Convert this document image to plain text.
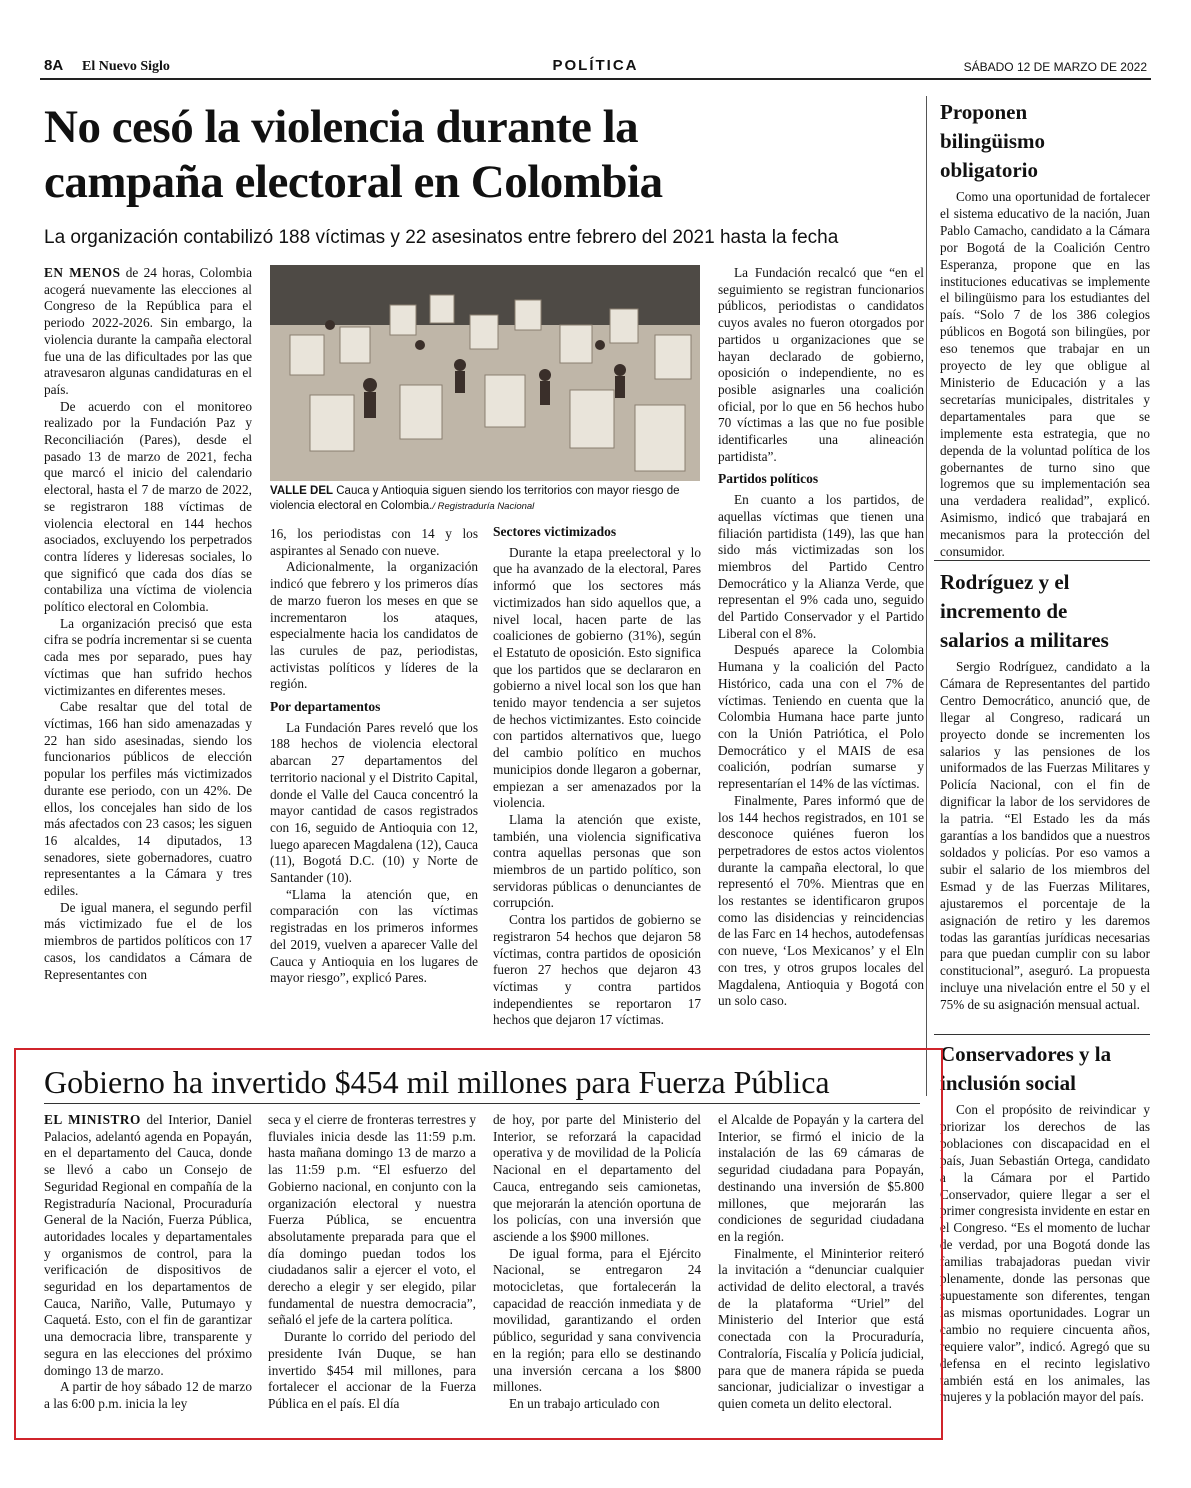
8A El Nuevo Siglo	POLÍTICA	SÁBADO 12 DE MARZO DE 2022
No cesó la violencia durante la
campaña electoral en Colombia
La organización contabilizó 188 víctimas y 22 asesinatos entre febrero del 2021 hasta la fecha

EN MENOS de 24 horas, Colombia acogerá nuevamente las elecciones al Congreso de la República para el periodo 2022-2026. Sin embargo, la violencia durante la campaña electoral fue una de las dificultades por las que atravesaron algunas candidaturas en el país.

De acuerdo con el monitoreo realizado por la Fundación Paz y Reconciliación (Pares), desde el pasado 13 de marzo de 2021, fecha que marcó el inicio del calendario electoral, hasta el 7 de marzo de 2022, se registraron 188 víctimas de violencia electoral en 144 hechos asociados, excluyendo los perpetrados contra líderes y lideresas sociales, lo que significó que cada dos días se contabiliza una víctima de violencia político electoral en Colombia.

La organización precisó que esta cifra se podría incrementar si se cuenta cada mes por separado, pues hay víctimas que han sufrido hechos victimizantes en diferentes meses.

Cabe resaltar que del total de víctimas, 166 han sido amenazadas y 22 han sido asesinadas, siendo los funcionarios públicos de elección popular los perfiles más victimizados durante ese periodo, con un 42%. De ellos, los concejales han sido de los más afectados con 23 casos; les siguen 16 alcaldes, 14 diputados, 13 senadores, siete gobernadores, cuatro representantes a la Cámara y tres ediles.

De igual manera, el segundo perfil más victimizado fue el de los miembros de partidos políticos con 17 casos, los candidatos a Cámara de Representantes con

VALLE DEL Cauca y Antioquia siguen siendo los territorios con mayor riesgo de violencia electoral en Colombia./ Registraduría Nacional

16, los periodistas con 14 y los aspirantes al Senado con nueve.

Adicionalmente, la organización indicó que febrero y los primeros días de marzo fueron los meses en que se incrementaron los ataques, especialmente hacia los candidatos de las curules de paz, periodistas, activistas políticos y líderes de la región.

Por departamentos

La Fundación Pares reveló que los 188 hechos de violencia electoral abarcan 27 departamentos del territorio nacional y el Distrito Capital, donde el Valle del Cauca concentró la mayor cantidad de casos registrados con 16, seguido de Antioquia con 12, luego aparecen Magdalena (12), Cauca (11), Bogotá D.C. (10) y Norte de Santander (10).

“Llama la atención que, en comparación con las víctimas registradas en los primeros informes del 2019, vuelven a aparecer Valle del Cauca y Antioquia en los lugares de mayor riesgo”, explicó Pares.

Sectores victimizados

Durante la etapa preelectoral y lo que ha avanzado de la electoral, Pares informó que los sectores más victimizados han sido aquellos que, a nivel local, hacen parte de las coaliciones de gobierno (31%), según el Estatuto de oposición. Esto significa que los partidos que se declararon en gobierno a nivel local son los que han tenido mayor tendencia a ser sujetos de hechos victimizantes. Esto coincide con partidos alternativos que, luego del cambio político en muchos municipios donde llegaron a gobernar, empiezan a ser amenazados por la violencia.

Llama la atención que existe, también, una violencia significativa contra aquellas personas que son miembros de un partido político, son servidoras públicas o denunciantes de corrupción.

Contra los partidos de gobierno se registraron 54 hechos que dejaron 58 víctimas, contra partidos de oposición fueron 27 hechos que dejaron 43 víctimas y contra partidos independientes se reportaron 17 hechos que dejaron 17 víctimas.

La Fundación recalcó que “en el seguimiento se registran funcionarios públicos, periodistas o candidatos cuyos avales no fueron otorgados por partidos u organizaciones que se hayan declarado de gobierno, oposición o independiente, no es posible asignarles una coalición oficial, por lo que en 56 hechos hubo 70 víctimas a las que no fue posible identificarles una alineación partidista”.

Partidos políticos

En cuanto a los partidos, de aquellas víctimas que tienen una filiación partidista (149), las que han sido más victimizadas son los miembros del Partido Centro Democrático y la Alianza Verde, que representan el 9% cada uno, seguido del Partido Conservador y el Partido Liberal con el 8%.

Después aparece la Colombia Humana y la coalición del Pacto Histórico, cada una con el 7% de víctimas. Teniendo en cuenta que la Colombia Humana hace parte junto con la Unión Patriótica, el Polo Democrático y el MAIS de esa coalición, podrían sumarse y representarían el 14% de las víctimas.

Finalmente, Pares informó que de los 144 hechos registrados, en 101 se desconoce quiénes fueron los perpetradores de estos actos violentos durante la campaña electoral, lo que representó el 70%. Mientras que en los restantes se identificaron grupos como las disidencias y reincidencias de las Farc en 14 hechos, autodefensas con nueve, ‘Los Mexicanos’ y el Eln con tres, y otros grupos locales del Magdalena, Antioquia y Bogotá con un solo caso.

Proponen bilingüismo obligatorio

Como una oportunidad de fortalecer el sistema educativo de la nación, Juan Pablo Camacho, candidato a la Cámara por Bogotá de la Coalición Centro Esperanza, propone que en las instituciones educativas se implemente el bilingüismo para los estudiantes del país. “Solo 7 de los 386 colegios públicos en Bogotá son bilingües, por eso tenemos que trabajar en un proyecto de ley que obligue al Ministerio de Educación y a las secretarías municipales, distritales y departamentales para que se implemente esta estrategia, que no dependa de la voluntad política de los gobernantes de turno sino que logremos que su implementación sea una verdadera realidad”, explicó. Asimismo, indicó que trabajará en mecanismos para la protección del consumidor.

Rodríguez y el incremento de salarios a militares

Sergio Rodríguez, candidato a la Cámara de Representantes del partido Centro Democrático, anunció que, de llegar al Congreso, radicará un proyecto donde se incrementen los salarios y las pensiones de los uniformados de las Fuerzas Militares y Policía Nacional, con el fin de dignificar la labor de los servidores de la patria. “El Estado les da más garantías a los bandidos que a nuestros soldados y policías. Por eso vamos a subir el salario de los miembros del Esmad y de las Fuerzas Militares, ajustaremos el porcentaje de la asignación de retiro y les daremos todas las garantías jurídicas necesarias para que puedan cumplir con su labor constitucional”, aseguró. La propuesta incluye una nivelación entre el 50 y el 75% de su asignación mensual actual.

Conservadores y la inclusión social

Con el propósito de reivindicar y priorizar los derechos de las poblaciones con discapacidad en el país, Juan Sebastián Ortega, candidato a la Cámara por el Partido Conservador, quiere llegar a ser el primer congresista invidente en estar en el Congreso. “Es el momento de luchar de verdad, por una Bogotá donde las familias trabajadoras puedan vivir plenamente, donde las personas que supuestamente son diferentes, tengan las mismas oportunidades. Lograr un cambio no requiere cincuenta años, requiere valor”, indicó. Agregó que su defensa en el recinto legislativo también está en los animales, las mujeres y la población mayor del país.

Gobierno ha invertido $454 mil millones para Fuerza Pública

EL MINISTRO del Interior, Daniel Palacios, adelantó agenda en Popayán, en el departamento del Cauca, donde se llevó a cabo un Consejo de Seguridad Regional en compañía de la Registraduría Nacional, Procuraduría General de la Nación, Fuerza Pública, autoridades locales y departamentales y organismos de control, para la verificación de dispositivos de seguridad en los departamentos de Cauca, Nariño, Valle, Putumayo y Caquetá. Esto, con el fin de garantizar una democracia libre, transparente y segura en las elecciones del próximo domingo 13 de marzo.

A partir de hoy sábado 12 de marzo a las 6:00 p.m. inicia la ley

seca y el cierre de fronteras terrestres y fluviales inicia desde las 11:59 p.m. hasta mañana domingo 13 de marzo a las 11:59 p.m. “El esfuerzo del Gobierno nacional, en conjunto con la organización electoral y nuestra Fuerza Pública, se encuentra absolutamente preparada para que el día domingo puedan todos los ciudadanos salir a ejercer el voto, el derecho a elegir y ser elegido, pilar fundamental de nuestra democracia”, señaló el jefe de la cartera política.

Durante lo corrido del periodo del presidente Iván Duque, se han invertido $454 mil millones, para fortalecer el accionar de la Fuerza Pública en el país. El día

de hoy, por parte del Ministerio del Interior, se reforzará la capacidad operativa y de movilidad de la Policía Nacional en el departamento del Cauca, entregando seis camionetas, que mejorarán la atención oportuna de los policías, con una inversión que asciende a los $900 millones.

De igual forma, para el Ejército Nacional, se entregaron 24 motocicletas, que fortalecerán la capacidad de reacción inmediata y de movilidad, garantizando el orden público, seguridad y sana convivencia en la región; para ello se destinando una inversión cercana a los $800 millones.

En un trabajo articulado con

el Alcalde de Popayán y la cartera del Interior, se firmó el inicio de la instalación de las 69 cámaras de seguridad ciudadana para Popayán, destinando una inversión de $5.800 millones, que mejorarán las condiciones de seguridad ciudadana en la región.

Finalmente, el Mininterior reiteró la invitación a “denunciar cualquier actividad de delito electoral, a través de la plataforma “Uriel” del Ministerio del Interior que está conectada con la Procuraduría, Contraloría, Fiscalía y Policía judicial, para que de manera rápida se pueda sancionar, judicializar o investigar a quien cometa un delito electoral.
